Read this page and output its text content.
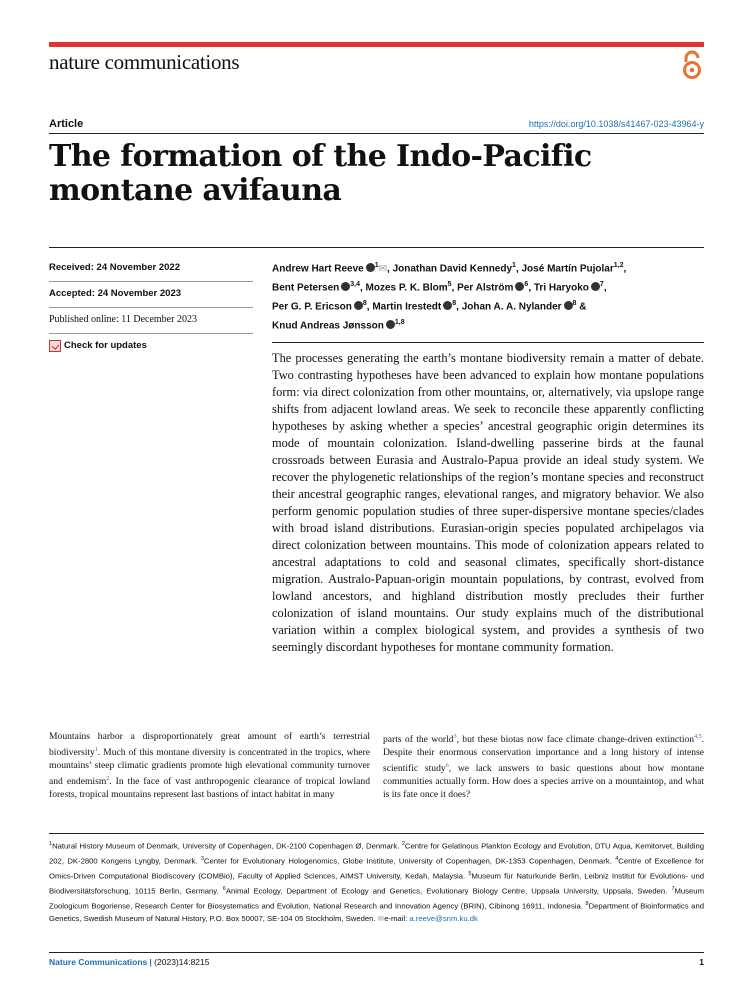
nature communications
Article	https://doi.org/10.1038/s41467-023-43964-y
The formation of the Indo-Pacific montane avifauna
Received: 24 November 2022
Accepted: 24 November 2023
Published online: 11 December 2023
Check for updates
Andrew Hart Reeve $^1$✉, Jonathan David Kennedy$^1$, José Martín Pujolar$^{1,2}$,
Bent Petersen $^{3,4}$, Mozes P. K. Blom$^5$, Per Alström $^6$, Tri Haryoko $^7$,
Per G. P. Ericson $^8$, Martin Irestedt $^8$, Johan A. A. Nylander $^8$ &
Knud Andreas Jønsson $^{1,8}$

The processes generating the earth’s montane biodiversity remain a matter of debate. Two contrasting hypotheses have been advanced to explain how montane populations form: via direct colonization from other mountains, or, alternatively, via upslope range shifts from adjacent lowland areas. We seek to reconcile these apparently conflicting hypotheses by asking whether a species’ ancestral geographic origin determines its mode of mountain colonization. Island-dwelling passerine birds at the faunal crossroads between Eurasia and Australo-Papua provide an ideal study system. We recover the phylogenetic relationships of the region’s montane species and reconstruct their ancestral geographic ranges, elevational ranges, and migratory behavior. We also perform genomic population studies of three super-dispersive montane species/clades with broad island distributions. Eurasian-origin species populated archipelagos via direct colonization between mountains. This mode of colonization appears related to ancestral adaptations to cold and seasonal climates, specifically short-distance migration. Australo-Papuan-origin mountain populations, by contrast, evolved from lowland ancestors, and highland distribution mostly precludes their further colonization of island mountains. Our study explains much of the distributional variation within a complex biological system, and provides a synthesis of two seemingly discordant hypotheses for montane community formation.

Mountains harbor a disproportionately great amount of earth’s terrestrial biodiversity$^1$. Much of this montane diversity is concentrated in the tropics, where mountains’ steep climatic gradients promote high elevational community turnover and endemism$^2$. In the face of vast anthropogenic clearance of tropical lowland forests, tropical mountains represent last bastions of intact habitat in many

parts of the world$^3$, but these biotas now face climate change-driven extinction$^{4,5}$. Despite their enormous conservation importance and a long history of intense scientific study$^6$, we lack answers to basic questions about how montane communities actually form. How does a species arrive on a mountaintop, and what is its fate once it does?

$^1$Natural History Museum of Denmark, University of Copenhagen, DK-2100 Copenhagen Ø, Denmark. $^2$Centre for Gelatinous Plankton Ecology and Evolution, DTU Aqua, Kemitorvet, Building 202, DK-2800 Kongens Lyngby, Denmark. $^3$Center for Evolutionary Hologenomics, Globe Institute, University of Copenhagen, DK-1353 Copenhagen, Denmark. $^4$Centre of Excellence for Omics-Driven Computational Biodiscovery (COMBio), Faculty of Applied Sciences, AIMST University, Kedah, Malaysia. $^5$Museum für Naturkunde Berlin, Leibniz Institut für Evolutions- und Biodiversitätsforschung, 10115 Berlin, Germany. $^6$Animal Ecology, Department of Ecology and Genetics, Evolutionary Biology Centre, Uppsala University, Uppsala, Sweden. $^7$Museum Zoologicum Bogoriense, Research Center for Biosystematics and Evolution, National Research and Innovation Agency (BRIN), Cibinong 16911, Indonesia. $^8$Department of Bioinformatics and Genetics, Swedish Museum of Natural History, P.O. Box 50007, SE-104 05 Stockholm, Sweden. ✉e-mail: a.reeve@snm.ku.dk

Nature Communications | (2023)14:8215	1
